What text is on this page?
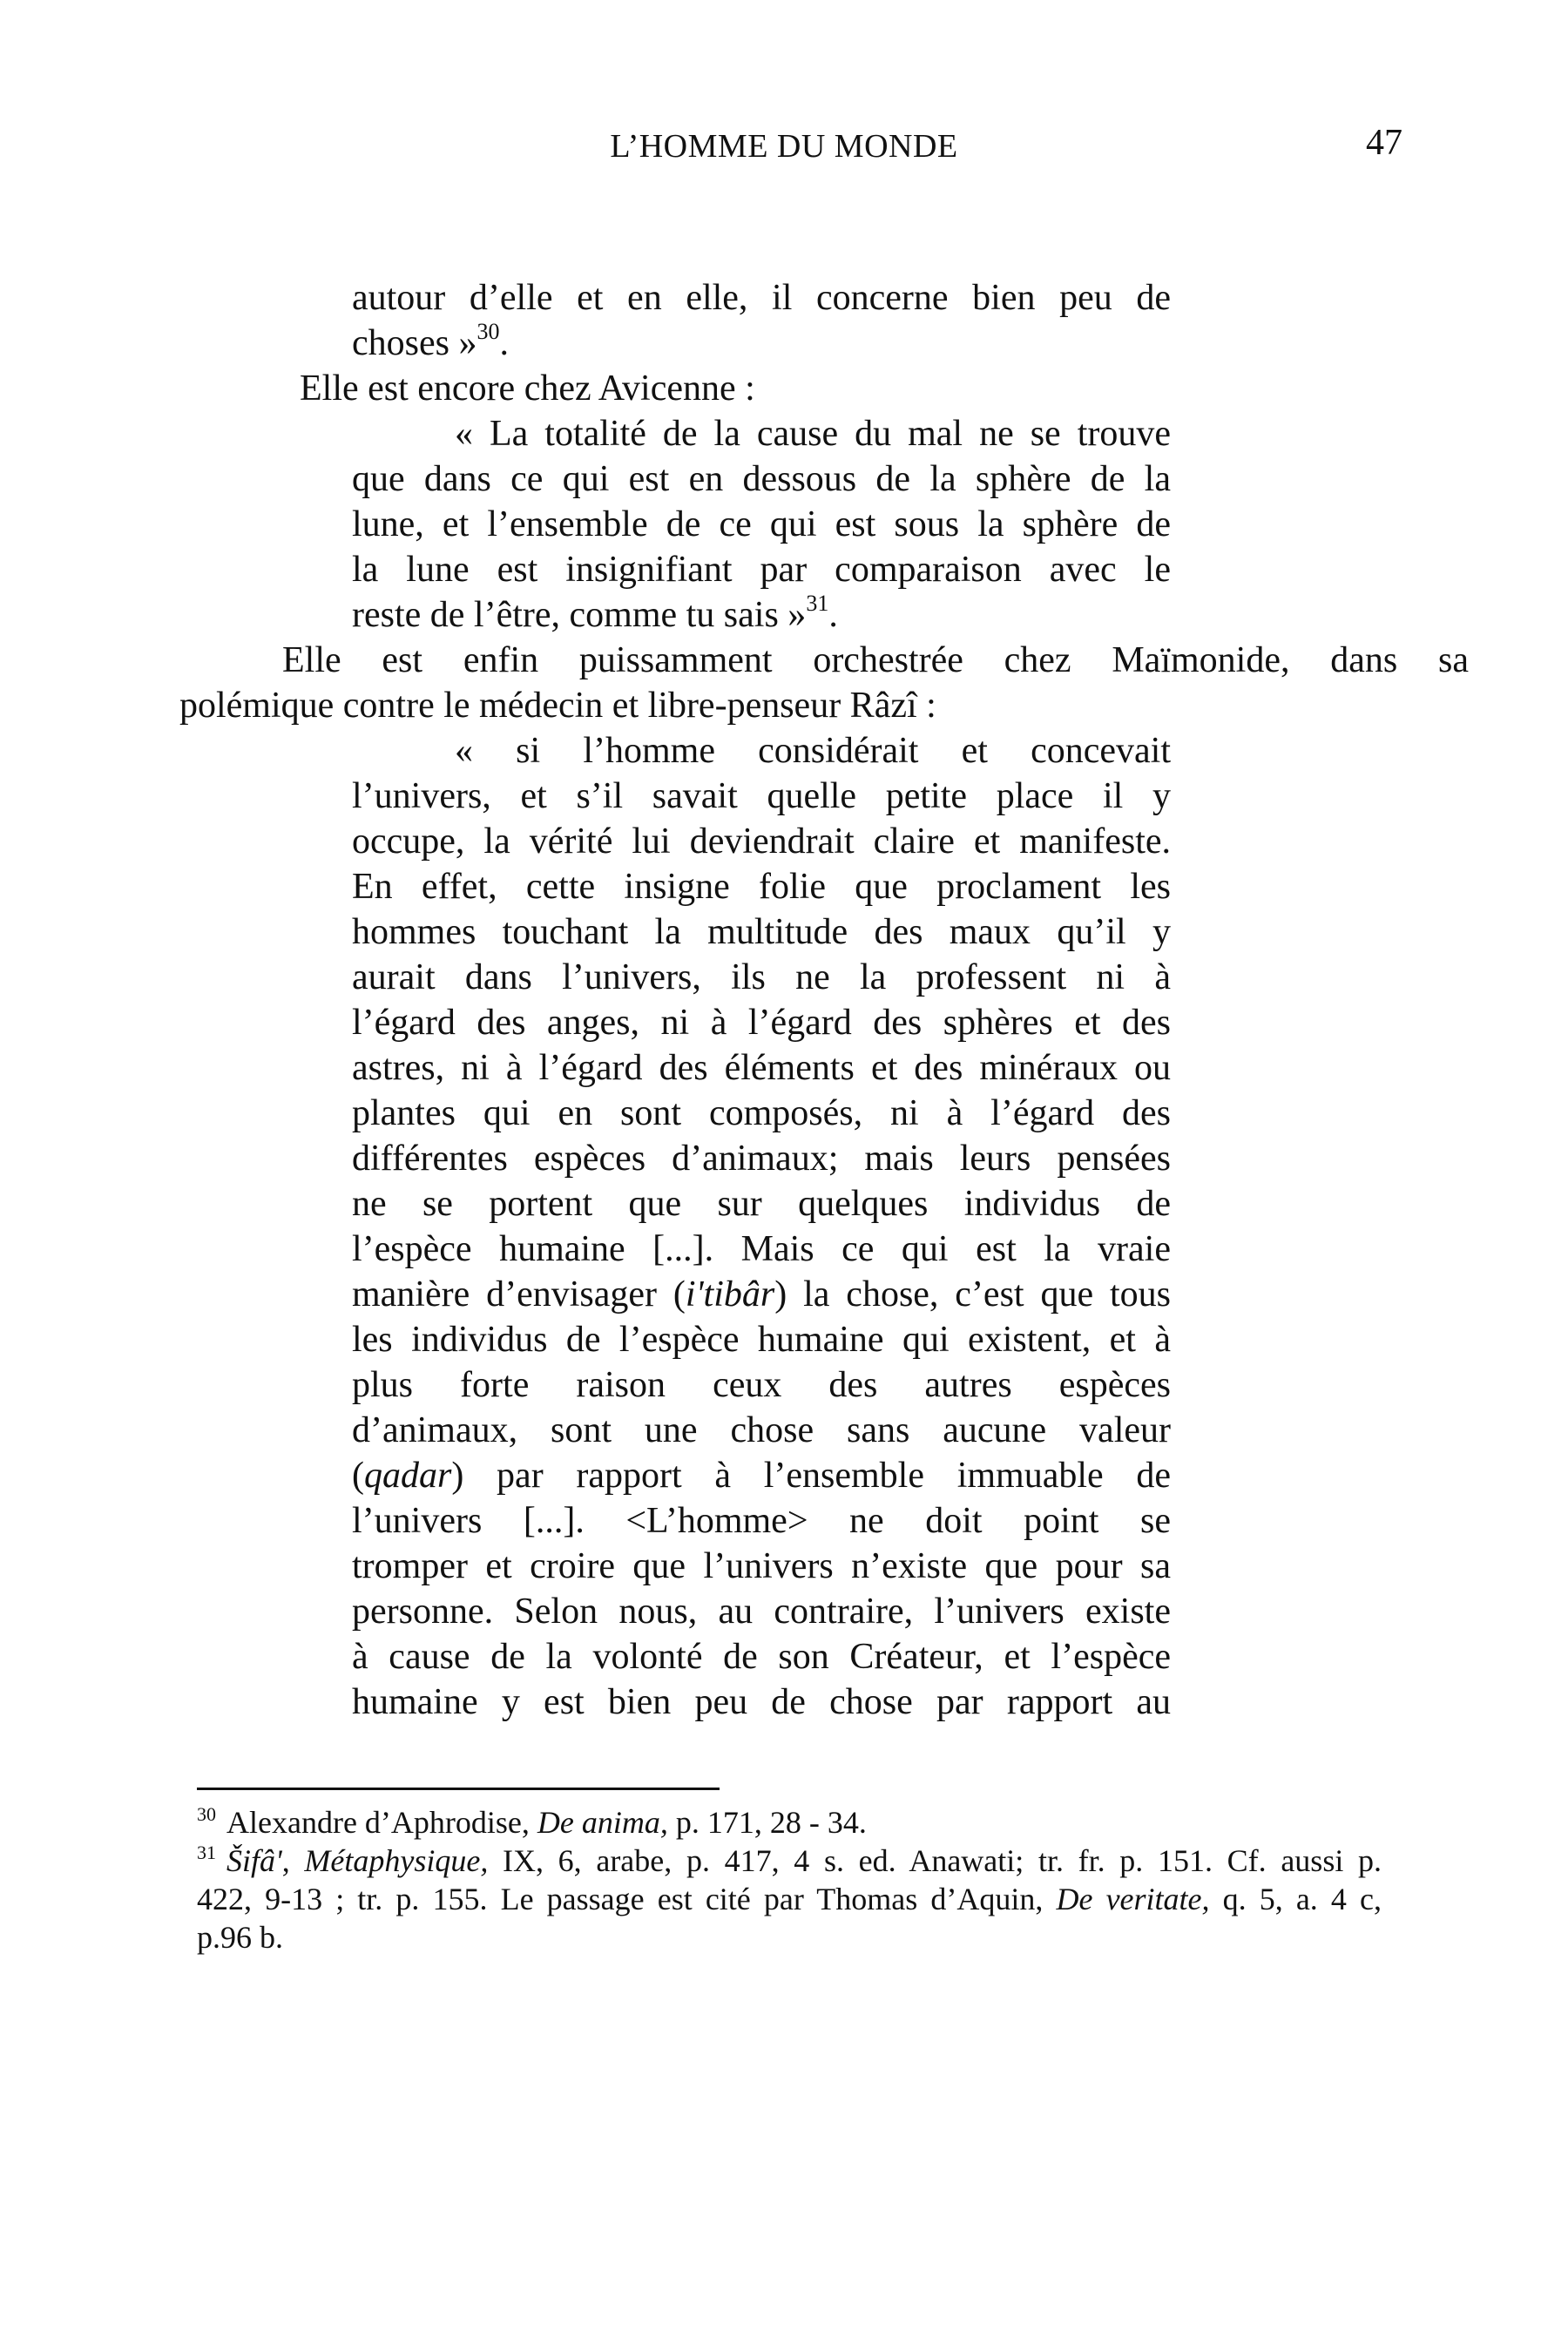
L’HOMME DU MONDE	47
autour d’elle et en elle, il concerne bien peu de
choses »$^{30}$.
Elle est encore chez Avicenne :
« La totalité de la cause du mal ne se trouve
que dans ce qui est en dessous de la sphère de la
lune, et l’ensemble de ce qui est sous la sphère de
la lune est insignifiant par comparaison avec le
reste de l’être, comme tu sais »$^{31}$.
Elle est enfin puissamment orchestrée chez Maïmonide, dans sa
polémique contre le médecin et libre-penseur Râzî :
« si l’homme considérait et concevait
l’univers, et s’il savait quelle petite place il y
occupe, la vérité lui deviendrait claire et manifeste.
En effet, cette insigne folie que proclament les
hommes touchant la multitude des maux qu’il y
aurait dans l’univers, ils ne la professent ni à
l’égard des anges, ni à l’égard des sphères et des
astres, ni à l’égard des éléments et des minéraux ou
plantes qui en sont composés, ni à l’égard des
différentes espèces d’animaux; mais leurs pensées
ne se portent que sur quelques individus de
l’espèce humaine [...]. Mais ce qui est la vraie
manière d’envisager (i'tibâr) la chose, c’est que tous
les individus de l’espèce humaine qui existent, et à
plus forte raison ceux des autres espèces
d’animaux, sont une chose sans aucune valeur
(qadar) par rapport à l’ensemble immuable de
l’univers [...]. <L’homme> ne doit point se
tromper et croire que l’univers n’existe que pour sa
personne. Selon nous, au contraire, l’univers existe
à cause de la volonté de son Créateur, et l’espèce
humaine y est bien peu de chose par rapport au
$^{30}$ Alexandre d’Aphrodise, De anima, p. 171, 28 - 34.
$^{31}$ Šifâ', Métaphysique, IX, 6, arabe, p. 417, 4 s. ed. Anawati; tr. fr. p. 151. Cf. aussi p.
422, 9-13 ; tr. p. 155. Le passage est cité par Thomas d’Aquin, De veritate, q. 5, a. 4 c,
p.96 b.
